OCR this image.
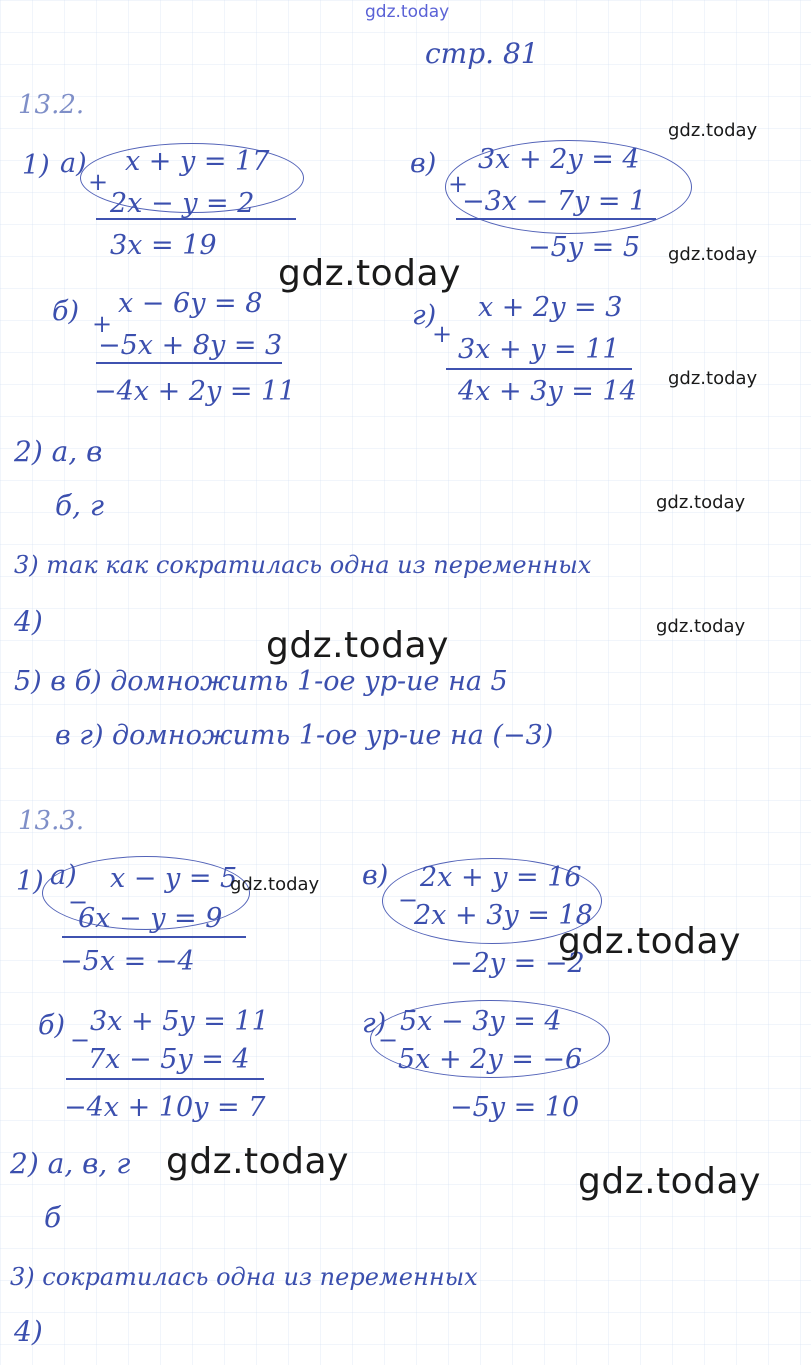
gdz.today
стр. 81
13.2.
1) а)
+
x + y = 17
2x − y = 2
3x = 19
в)
+
3x + 2y = 4
−3x − 7y = 1
−5y = 5
б) +
x − 6y = 8
−5x + 8y = 3
−4x + 2y = 11
г)
+
x + 2y = 3
3x + y = 11
4x + 3y = 14
2) а, в
б, г
3) так как сократилась одна из переменных
4)
5) в б) домножить 1-ое ур-ие на 5
в г) домножить 1-ое ур-ие на (−3)
13.3.
1) а)
−
x − y = 5
6x − y = 9
−5x = −4
в)
−
2x + y = 16
2x + 3y = 18
−2y = −2
б) −
3x + 5y = 11
7x − 5y = 4
−4x + 10y = 7
г)
−
5x − 3y = 4
5x + 2y = −6
−5y = 10
2) а, в, г
б
3) сократилась одна из переменных
4)
gdz.today
gdz.today
gdz.today
gdz.today
gdz.today
gdz.today
gdz.today
gdz.today
gdz.today
gdz.today	gdz.today
